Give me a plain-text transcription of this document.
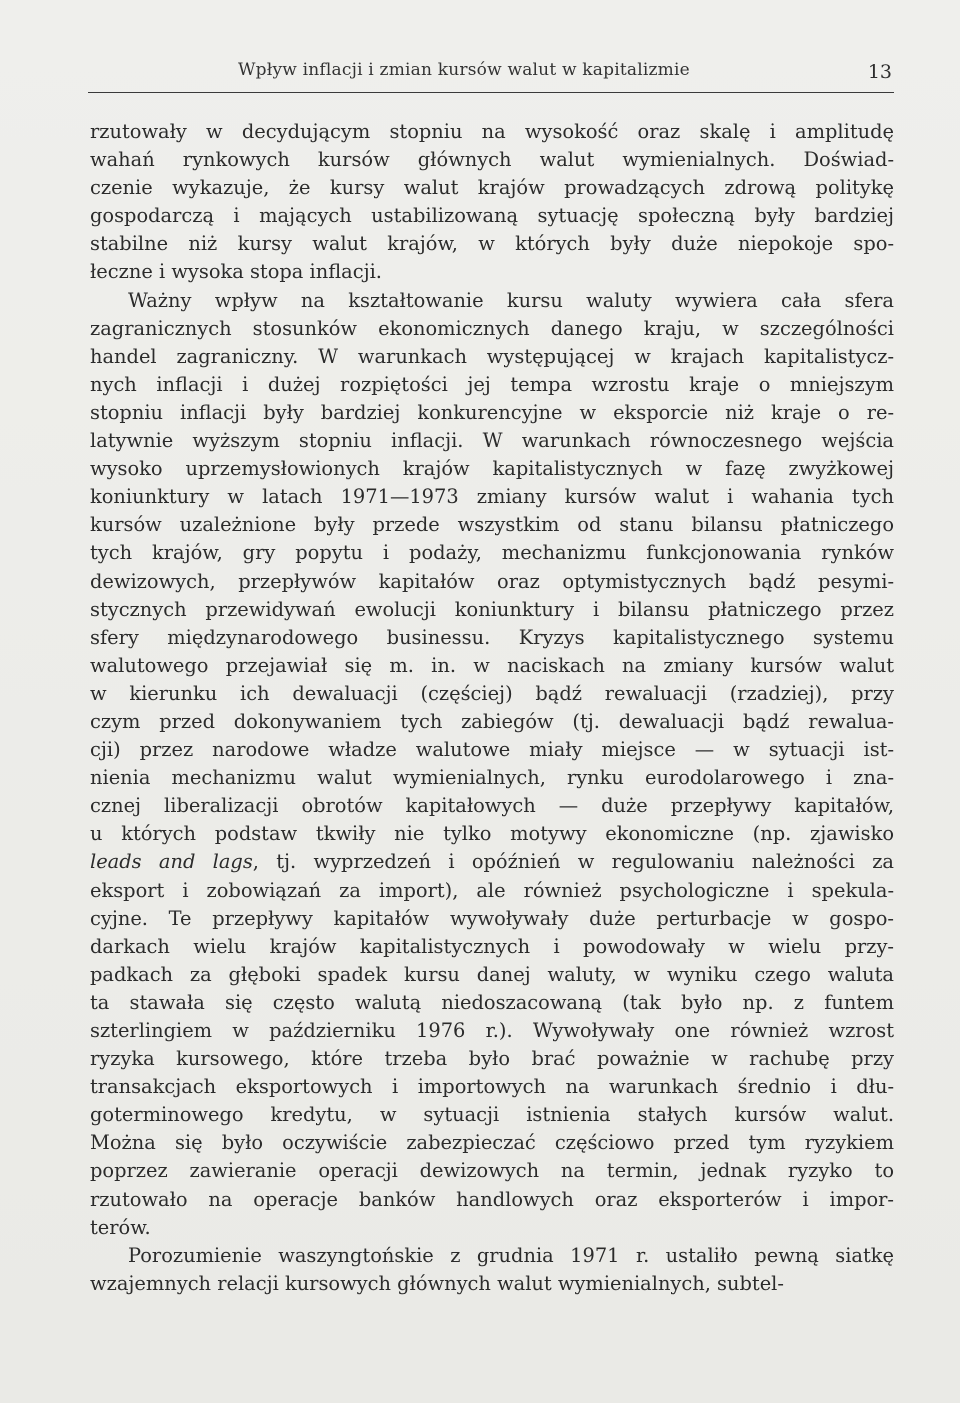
Wpływ inflacji i zmian kursów walut w kapitalizmie	13
rzutowały w decydującym stopniu na wysokość oraz skalę i amplitudę
wahań rynkowych kursów głównych walut wymienialnych. Doświad-
czenie wykazuje, że kursy walut krajów prowadzących zdrową politykę
gospodarczą i mających ustabilizowaną sytuację społeczną były bardziej
stabilne niż kursy walut krajów, w których były duże niepokoje spo-
łeczne i wysoka stopa inflacji.
Ważny wpływ na kształtowanie kursu waluty wywiera cała sfera
zagranicznych stosunków ekonomicznych danego kraju, w szczególności
handel zagraniczny. W warunkach występującej w krajach kapitalistycz-
nych inflacji i dużej rozpiętości jej tempa wzrostu kraje o mniejszym
stopniu inflacji były bardziej konkurencyjne w eksporcie niż kraje o re-
latywnie wyższym stopniu inflacji. W warunkach równoczesnego wejścia
wysoko uprzemysłowionych krajów kapitalistycznych w fazę zwyżkowej
koniunktury w latach 1971—1973 zmiany kursów walut i wahania tych
kursów uzależnione były przede wszystkim od stanu bilansu płatniczego
tych krajów, gry popytu i podaży, mechanizmu funkcjonowania rynków
dewizowych, przepływów kapitałów oraz optymistycznych bądź pesymi-
stycznych przewidywań ewolucji koniunktury i bilansu płatniczego przez
sfery międzynarodowego businessu. Kryzys kapitalistycznego systemu
walutowego przejawiał się m. in. w naciskach na zmiany kursów walut
w kierunku ich dewaluacji (częściej) bądź rewaluacji (rzadziej), przy
czym przed dokonywaniem tych zabiegów (tj. dewaluacji bądź rewalua-
cji) przez narodowe władze walutowe miały miejsce — w sytuacji ist-
nienia mechanizmu walut wymienialnych, rynku eurodolarowego i zna-
cznej liberalizacji obrotów kapitałowych — duże przepływy kapitałów,
u których podstaw tkwiły nie tylko motywy ekonomiczne (np. zjawisko
leads and lags, tj. wyprzedzeń i opóźnień w regulowaniu należności za
eksport i zobowiązań za import), ale również psychologiczne i spekula-
cyjne. Te przepływy kapitałów wywoływały duże perturbacje w gospo-
darkach wielu krajów kapitalistycznych i powodowały w wielu przy-
padkach za głęboki spadek kursu danej waluty, w wyniku czego waluta
ta stawała się często walutą niedoszacowaną (tak było np. z funtem
szterlingiem w październiku 1976 r.). Wywoływały one również wzrost
ryzyka kursowego, które trzeba było brać poważnie w rachubę przy
transakcjach eksportowych i importowych na warunkach średnio i dłu-
goterminowego kredytu, w sytuacji istnienia stałych kursów walut.
Można się było oczywiście zabezpieczać częściowo przed tym ryzykiem
poprzez zawieranie operacji dewizowych na termin, jednak ryzyko to
rzutowało na operacje banków handlowych oraz eksporterów i impor-
terów.
Porozumienie waszyngtońskie z grudnia 1971 r. ustaliło pewną siatkę
wzajemnych relacji kursowych głównych walut wymienialnych, subtel-
